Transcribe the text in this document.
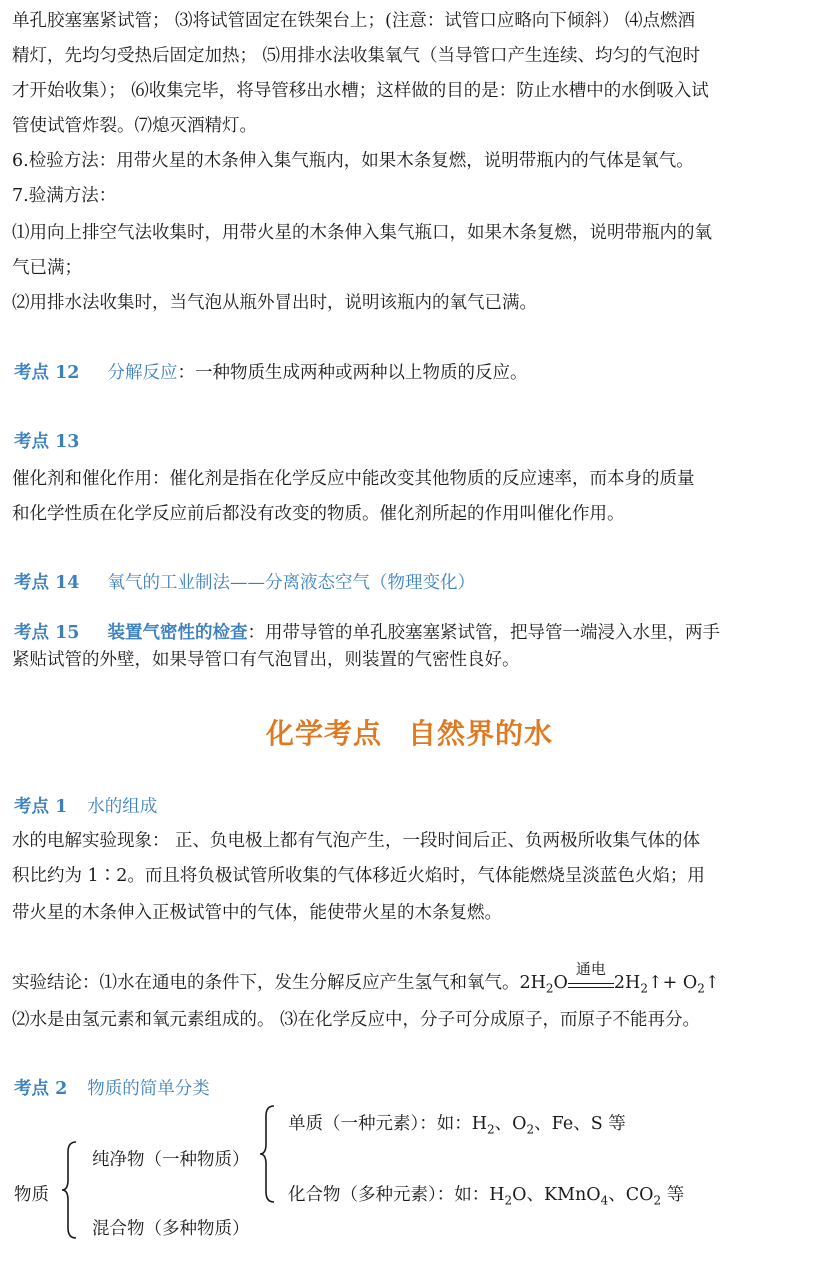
单孔胶塞塞紧试管； ⑶将试管固定在铁架台上；(注意：试管口应略向下倾斜） ⑷点燃酒

精灯，先均匀受热后固定加热； ⑸用排水法收集氧气（当导管口产生连续、均匀的气泡时

才开始收集）； ⑹收集完毕，将导管移出水槽；这样做的目的是：防止水槽中的水倒吸入试

管使试管炸裂。⑺熄灭酒精灯。

6.检验方法：用带火星的木条伸入集气瓶内，如果木条复燃，说明带瓶内的气体是氧气。

7.验满方法：

⑴用向上排空气法收集时，用带火星的木条伸入集气瓶口，如果木条复燃，说明带瓶内的氧

气已满；

⑵用排水法收集时，当气泡从瓶外冒出时，说明该瓶内的氧气已满。

考点 12 分解反应：一种物质生成两种或两种以上物质的反应。
考点 13

催化剂和催化作用：催化剂是指在化学反应中能改变其他物质的反应速率，而本身的质量

和化学性质在化学反应前后都没有改变的物质。催化剂所起的作用叫催化作用。

考点 14 氧气的工业制法——分离液态空气（物理变化）
考点 15 装置气密性的检查：用带导管的单孔胶塞塞紧试管，把导管一端浸入水里，两手

紧贴试管的外壁，如果导管口有气泡冒出，则装置的气密性良好。

化学考点 自然界的水
考点 1 水的组成

水的电解实验现象： 正、负电极上都有气泡产生，一段时间后正、负两极所收集气体的体

积比约为 1∶2。而且将负极试管所收集的气体移近火焰时，气体能燃烧呈淡蓝色火焰；用

带火星的木条伸入正极试管中的气体，能使带火星的木条复燃。

实验结论：⑴水在通电的条件下，发生分解反应产生氢气和氧气。$2H_2O$
通电
$2H_2↑+$ $O_2↑$

⑵水是由氢元素和氧元素组成的。 ⑶在化学反应中，分子可分成原子，而原子不能再分。

考点 2 物质的简单分类
物质
纯净物（一种物质）
混合物（多种物质）
单质（一种元素）：如：$H_2$、$O_2$、Fe、S 等
化合物（多种元素）：如：$H_2O$、KMnO$_4$、$CO_2$ 等
